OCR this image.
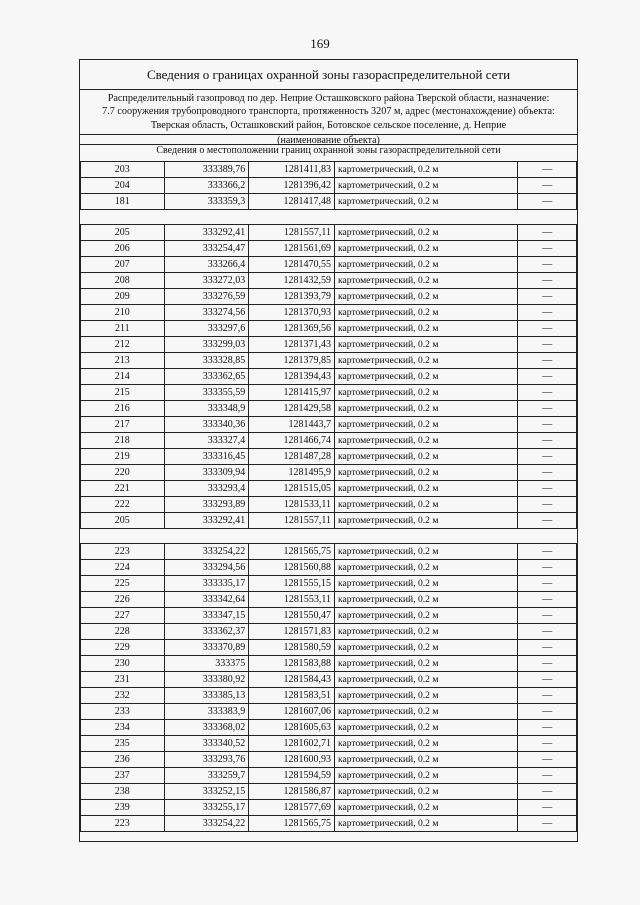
169
Сведения о границах охранной зоны газораспределительной сети
Распределительный газопровод по дер. Неприе Осташковского района Тверской области, назначение:
7.7 сооружения трубопроводного транспорта, протяженность 3207 м, адрес (местонахождение) объекта:
Тверская область, Осташковский район, Ботовское сельское поселение, д. Неприе
(наименование объекта)
Сведения о местоположении границ охранной зоны газораспределительной сети
203	333389,76	1281411,83	картометрический, 0.2 м	—
204	333366,2	1281396,42	картометрический, 0.2 м	—
181	333359,3	1281417,48	картометрический, 0.2 м	—

205	333292,41	1281557,11	картометрический, 0.2 м	—
206	333254,47	1281561,69	картометрический, 0.2 м	—
207	333266,4	1281470,55	картометрический, 0.2 м	—
208	333272,03	1281432,59	картометрический, 0.2 м	—
209	333276,59	1281393,79	картометрический, 0.2 м	—
210	333274,56	1281370,93	картометрический, 0.2 м	—
211	333297,6	1281369,56	картометрический, 0.2 м	—
212	333299,03	1281371,43	картометрический, 0.2 м	—
213	333328,85	1281379,85	картометрический, 0.2 м	—
214	333362,65	1281394,43	картометрический, 0.2 м	—
215	333355,59	1281415,97	картометрический, 0.2 м	—
216	333348,9	1281429,58	картометрический, 0.2 м	—
217	333340,36	1281443,7	картометрический, 0.2 м	—
218	333327,4	1281466,74	картометрический, 0.2 м	—
219	333316,45	1281487,28	картометрический, 0.2 м	—
220	333309,94	1281495,9	картометрический, 0.2 м	—
221	333293,4	1281515,05	картометрический, 0.2 м	—
222	333293,89	1281533,11	картометрический, 0.2 м	—
205	333292,41	1281557,11	картометрический, 0.2 м	—

223	333254,22	1281565,75	картометрический, 0.2 м	—
224	333294,56	1281560,88	картометрический, 0.2 м	—
225	333335,17	1281555,15	картометрический, 0.2 м	—
226	333342,64	1281553,11	картометрический, 0.2 м	—
227	333347,15	1281550,47	картометрический, 0.2 м	—
228	333362,37	1281571,83	картометрический, 0.2 м	—
229	333370,89	1281580,59	картометрический, 0.2 м	—
230	333375	1281583,88	картометрический, 0.2 м	—
231	333380,92	1281584,43	картометрический, 0.2 м	—
232	333385,13	1281583,51	картометрический, 0.2 м	—
233	333383,9	1281607,06	картометрический, 0.2 м	—
234	333368,02	1281605,63	картометрический, 0.2 м	—
235	333340,52	1281602,71	картометрический, 0.2 м	—
236	333293,76	1281600,93	картометрический, 0.2 м	—
237	333259,7	1281594,59	картометрический, 0.2 м	—
238	333252,15	1281586,87	картометрический, 0.2 м	—
239	333255,17	1281577,69	картометрический, 0.2 м	—
223	333254,22	1281565,75	картометрический, 0.2 м	—
